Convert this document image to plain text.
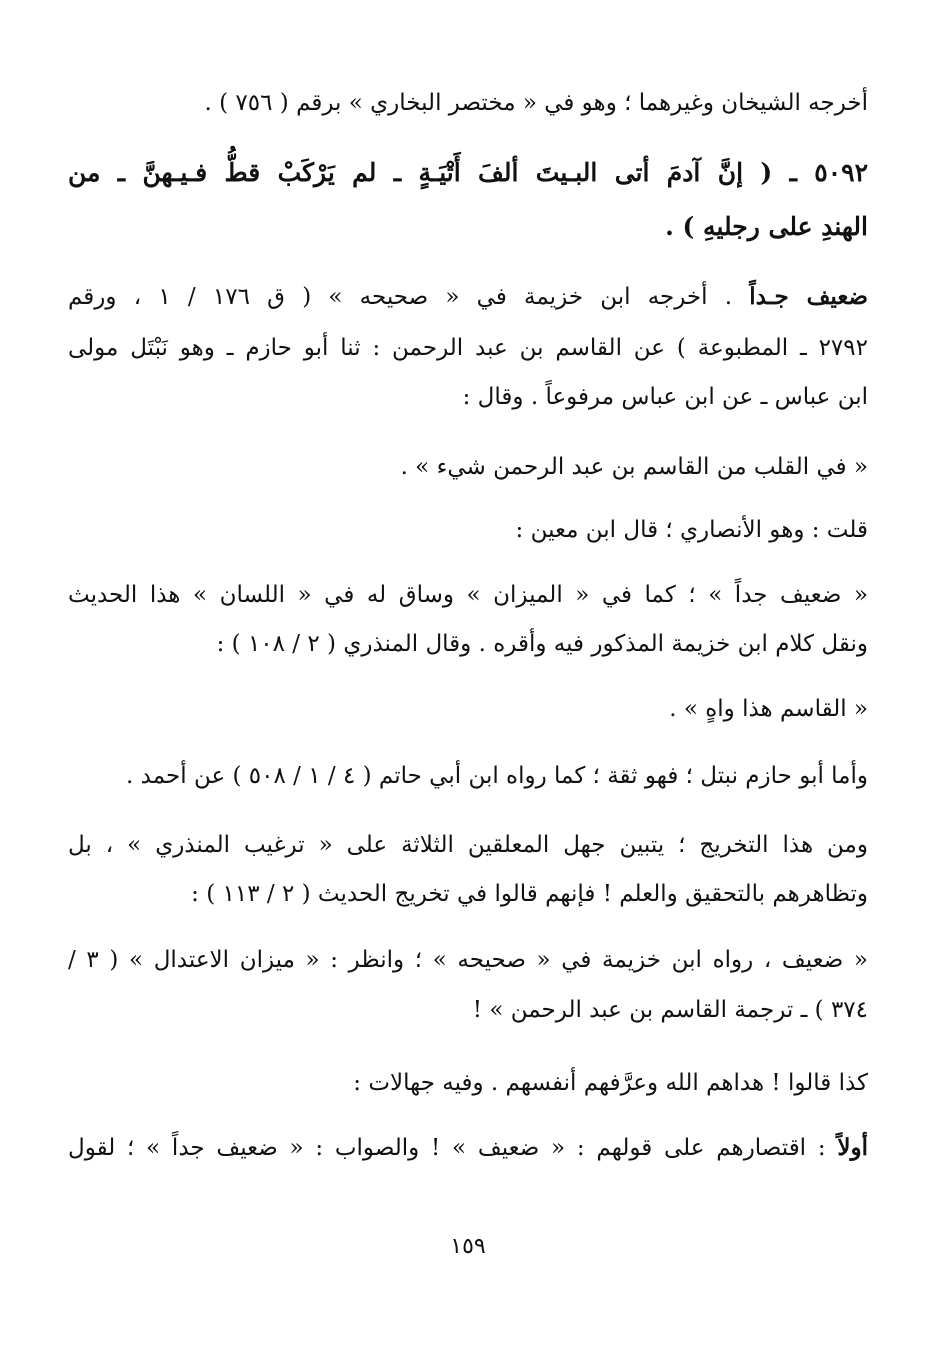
أخرجه الشيخان وغيرهما ؛ وهو في « مختصر البخاري » برقم ( ٧٥٦ ) .
٥٠٩٢ ـ ( إنَّ آدمَ أتى البـيتَ ألفَ أَتْيَـةٍ ـ لم يَرْكَبْ قطُّ فـيـهنَّ ـ من
الهندِ على رجليهِ ) .
ضعيف جـداً . أخرجه ابن خزيمة في « صحيحه » ( ق ١٧٦ / ١ ، ورقم
٢٧٩٢ ـ المطبوعة ) عن القاسم بن عبد الرحمن : ثنا أبو حازم ـ وهو نَبْتَل مولى
ابن عباس ـ عن ابن عباس مرفوعاً . وقال :
« في القلب من القاسم بن عبد الرحمن شيء » .
قلت : وهو الأنصاري ؛ قال ابن معين :
« ضعيف جداً » ؛ كما في « الميزان » وساق له في « اللسان » هذا الحديث
ونقل كلام ابن خزيمة المذكور فيه وأقره . وقال المنذري ( ٢ / ١٠٨ ) :
« القاسم هذا واهٍ » .
وأما أبو حازم نبتل ؛ فهو ثقة ؛ كما رواه ابن أبي حاتم ( ٤ / ١ / ٥٠٨ ) عن أحمد .
ومن هذا التخريج ؛ يتبين جهل المعلقين الثلاثة على « ترغيب المنذري » ، بل
وتظاهرهم بالتحقيق والعلم ! فإنهم قالوا في تخريج الحديث ( ٢ / ١١٣ ) :
« ضعيف ، رواه ابن خزيمة في « صحيحه » ؛ وانظر : « ميزان الاعتدال » ( ٣ /
٣٧٤ ) ـ ترجمة القاسم بن عبد الرحمن » !
كذا قالوا ! هداهم الله وعرَّفهم أنفسهم . وفيه جهالات :
أولاً : اقتصارهم على قولهم : « ضعيف » ! والصواب : « ضعيف جداً » ؛ لقول
١٥٩
